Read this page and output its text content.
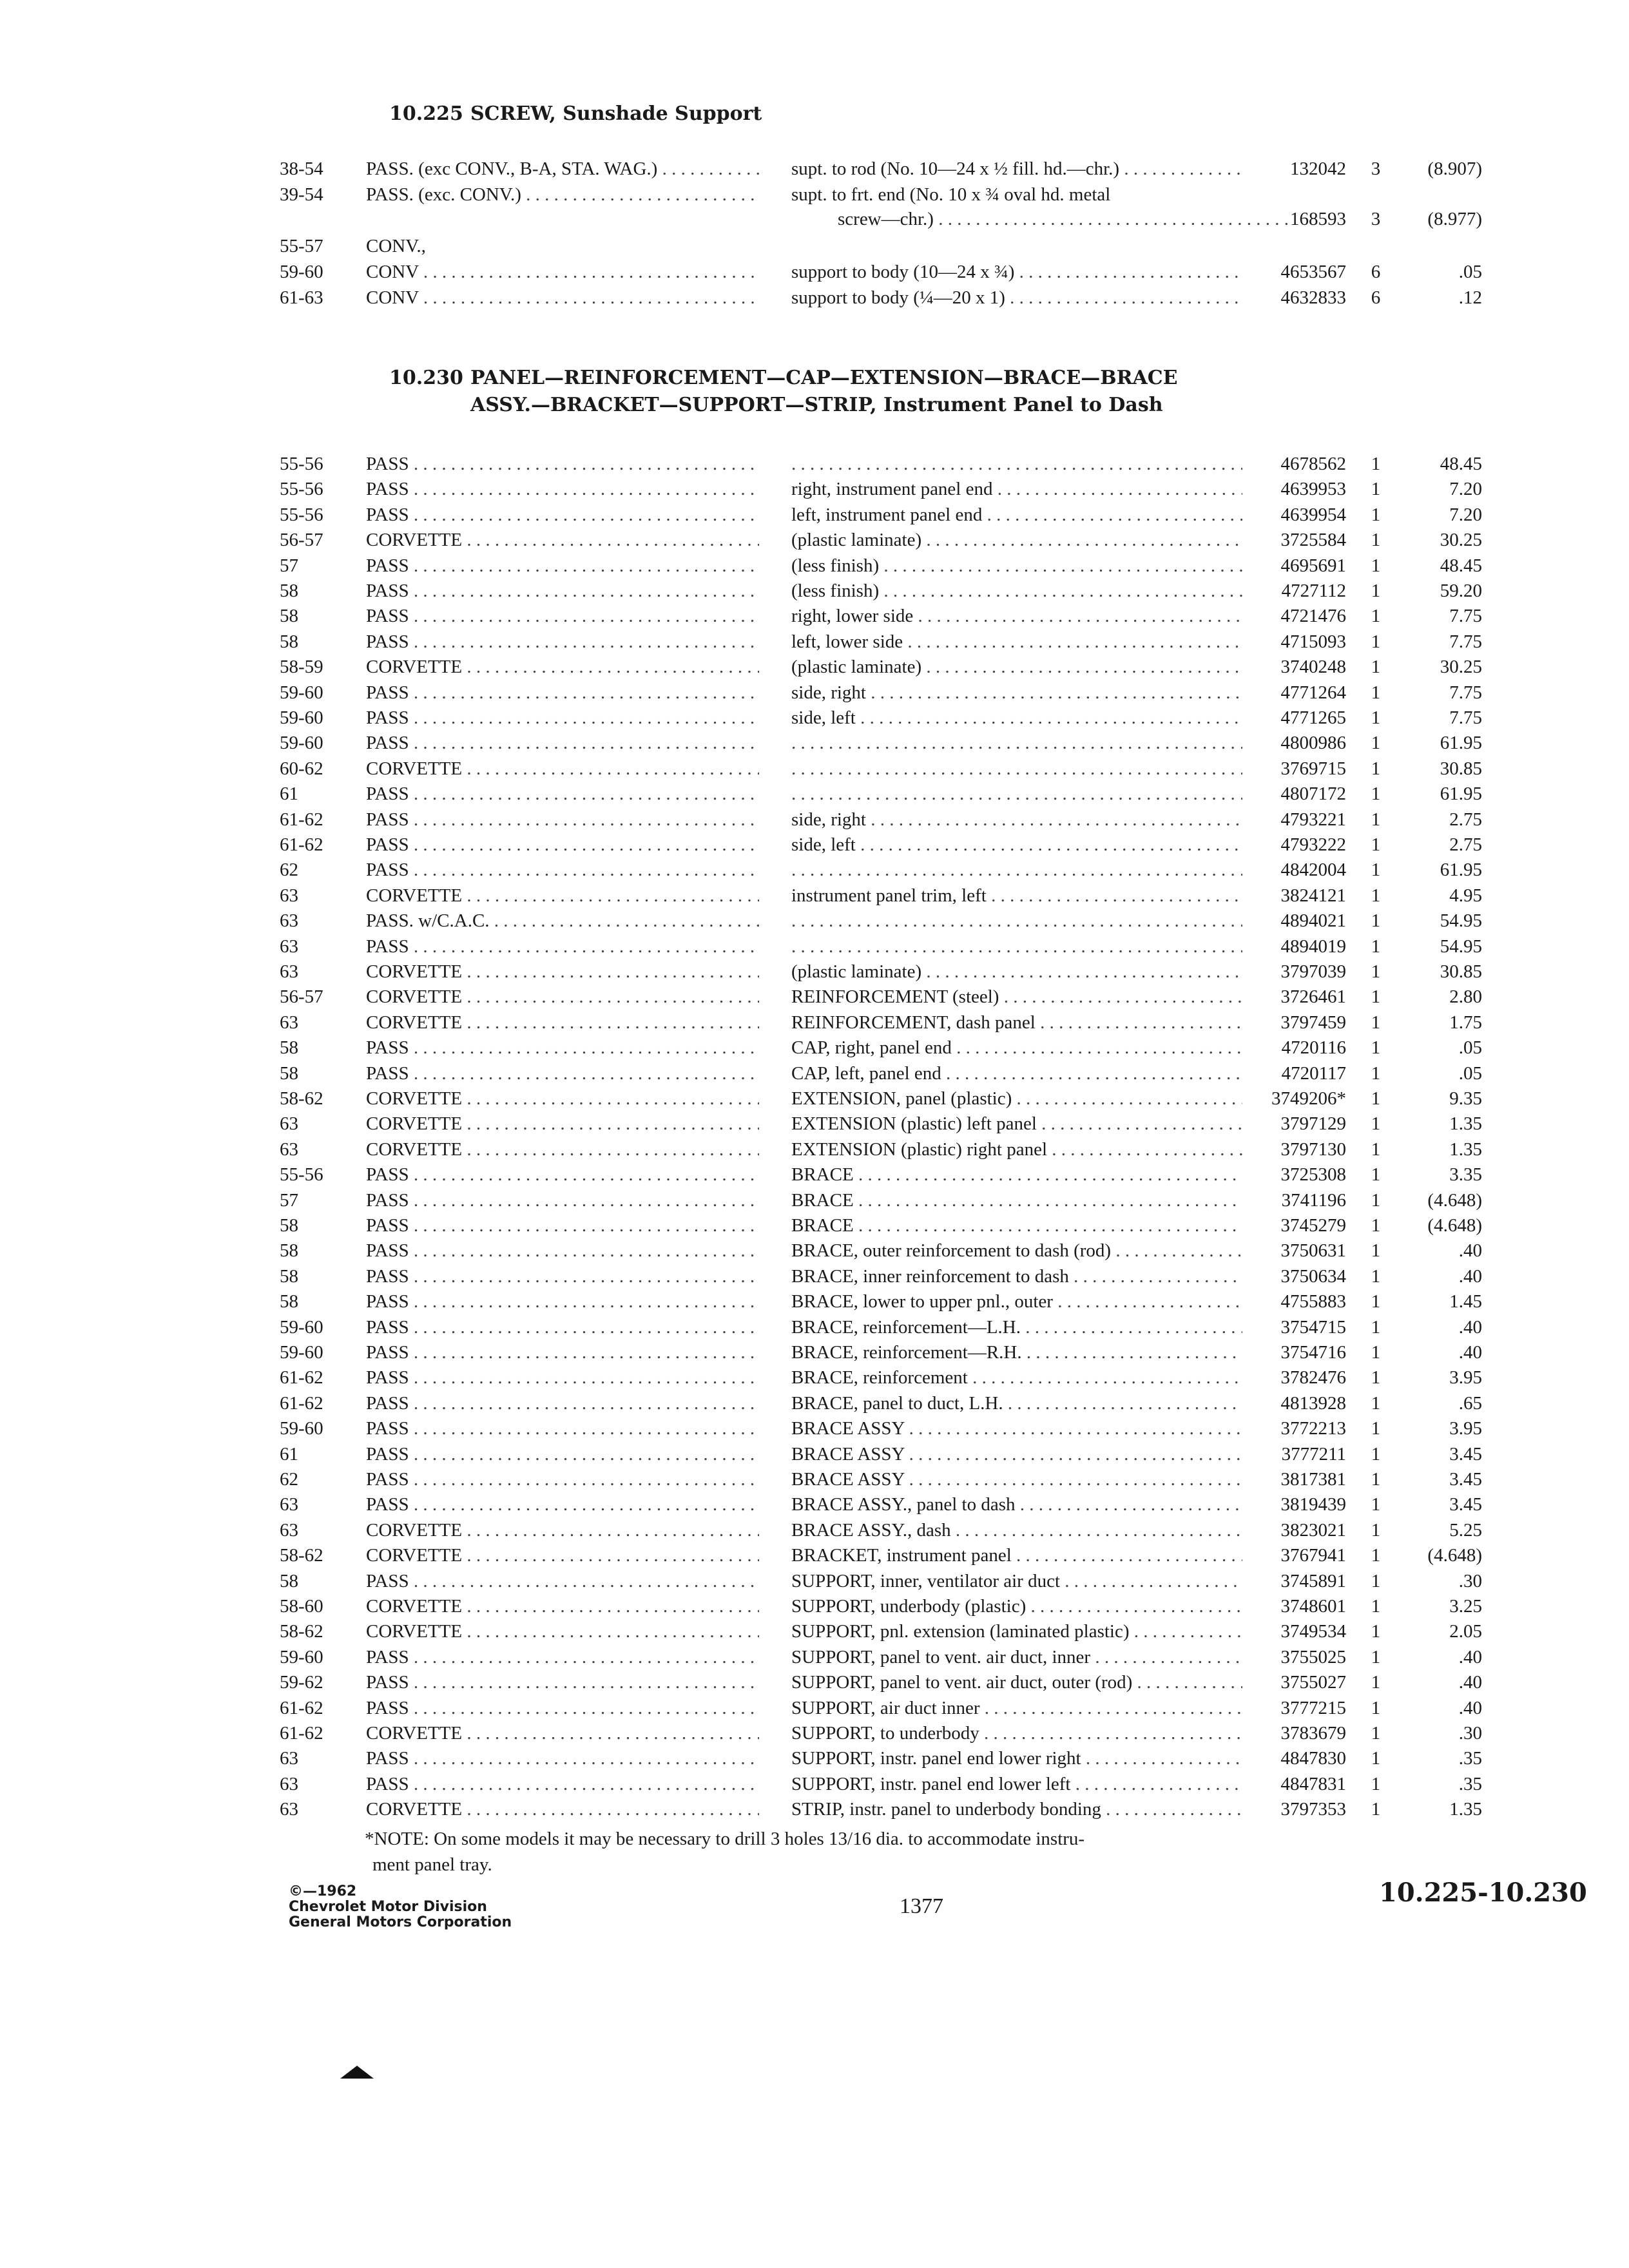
10.225 SCREW, Sunshade Support
38-54 PASS. (exc CONV., B-A, STA. WAG.) . . .	supt. to rod (No. 10—24 x ½ fill. hd.—chr.) . . .	132042 3	(8.907)
39-54 PASS. (exc. CONV.) . . .	supt. to frt. end (No. 10 x ¾ oval hd. metal
screw—chr.) . . .	168593 3	(8.977)
55-57 CONV.,
59-60 CONV . . .	support to body (10—24 x ¾) . . .	4653567 6	.05
61-63 CONV . . .	support to body (¼—20 x 1) . . .	4632833 6	.12
10.230 PANEL—REINFORCEMENT—CAP—EXTENSION—BRACE—BRACE
ASSY.—BRACKET—SUPPORT—STRIP, Instrument Panel to Dash
55-56 PASS . . . . . .	4678562 1	48.45
55-56 PASS . . .	right, instrument panel end . . .	4639953 1	7.20
55-56 PASS . . .	left, instrument panel end . . .	4639954 1	7.20
56-57 CORVETTE . . .	(plastic laminate) . . .	3725584 1	30.25
57	PASS . . .	(less finish) . . .	4695691 1	48.45
58	PASS . . .	(less finish) . . .	4727112 1	59.20
58	PASS . . .	right, lower side . . .	4721476 1	7.75
58	PASS . . .	left, lower side . . .	4715093 1	7.75
58-59 CORVETTE . . .	(plastic laminate) . . .	3740248 1	30.25
59-60 PASS . . .	side, right . . .	4771264 1	7.75
59-60 PASS . . .	side, left . . .	4771265 1	7.75
59-60 PASS . . . . . .	4800986 1	61.95
60-62 CORVETTE . . . . . .	3769715 1	30.85
61	PASS . . . . . .	4807172 1	61.95
61-62 PASS . . .	side, right . . .	4793221 1	2.75
61-62 PASS . . .	side, left . . .	4793222 1	2.75
62	PASS . . . . . .	4842004 1	61.95
63	CORVETTE . . .	instrument panel trim, left . . .	3824121 1	4.95
63	PASS. w/C.A.C. . . . . . .	4894021 1	54.95
63	PASS . . . . . .	4894019 1	54.95
63	CORVETTE . . .	(plastic laminate) . . .	3797039 1	30.85
56-57 CORVETTE . . .	REINFORCEMENT (steel) . . .	3726461 1	2.80
63	CORVETTE . . .	REINFORCEMENT, dash panel . . .	3797459 1	1.75
58	PASS . . .	CAP, right, panel end . . .	4720116 1	.05
58	PASS . . .	CAP, left, panel end . . .	4720117 1	.05
58-62 CORVETTE . . .	EXTENSION, panel (plastic) . . .	3749206* 1	9.35
63	CORVETTE . . .	EXTENSION (plastic) left panel . . .	3797129 1	1.35
63	CORVETTE . . .	EXTENSION (plastic) right panel . . .	3797130 1	1.35
55-56 PASS . . .	BRACE . . .	3725308 1	3.35
57	PASS . . .	BRACE . . .	3741196 1	(4.648)
58	PASS . . .	BRACE . . .	3745279 1	(4.648)
58	PASS . . .	BRACE, outer reinforcement to dash (rod) . . .	3750631 1	.40
58	PASS . . .	BRACE, inner reinforcement to dash . . .	3750634 1	.40
58	PASS . . .	BRACE, lower to upper pnl., outer . . .	4755883 1	1.45
59-60 PASS . . .	BRACE, reinforcement—L.H. . . .	3754715 1	.40
59-60 PASS . . .	BRACE, reinforcement—R.H. . . .	3754716 1	.40
61-62 PASS . . .	BRACE, reinforcement . . .	3782476 1	3.95
61-62 PASS . . .	BRACE, panel to duct, L.H. . . .	4813928 1	.65
59-60 PASS . . .	BRACE ASSY . . .	3772213 1	3.95
61	PASS . . .	BRACE ASSY . . .	3777211 1	3.45
62	PASS . . .	BRACE ASSY . . .	3817381 1	3.45
63	PASS . . .	BRACE ASSY., panel to dash . . .	3819439 1	3.45
63	CORVETTE . . .	BRACE ASSY., dash . . .	3823021 1	5.25
58-62 CORVETTE . . .	BRACKET, instrument panel . . .	3767941 1	(4.648)
58	PASS . . .	SUPPORT, inner, ventilator air duct . . .	3745891 1	.30
58-60 CORVETTE . . .	SUPPORT, underbody (plastic) . . .	3748601 1	3.25
58-62 CORVETTE . . .	SUPPORT, pnl. extension (laminated plastic) . . .	3749534 1	2.05
59-60 PASS . . .	SUPPORT, panel to vent. air duct, inner . . .	3755025 1	.40
59-62 PASS . . .	SUPPORT, panel to vent. air duct, outer (rod) . . .	3755027 1	.40
61-62 PASS . . .	SUPPORT, air duct inner . . .	3777215 1	.40
61-62 CORVETTE . . .	SUPPORT, to underbody . . .	3783679 1	.30
63	PASS . . .	SUPPORT, instr. panel end lower right . . .	4847830 1	.35
63	PASS . . .	SUPPORT, instr. panel end lower left . . .	4847831 1	.35
63	CORVETTE . . .	STRIP, instr. panel to underbody bonding . . .	3797353 1	1.35
*NOTE: On some models it may be necessary to drill 3 holes 13/16 dia. to accommodate instru-
ment panel tray.
©—1962
Chevrolet Motor Division
General Motors Corporation
1377	10.225-10.230
